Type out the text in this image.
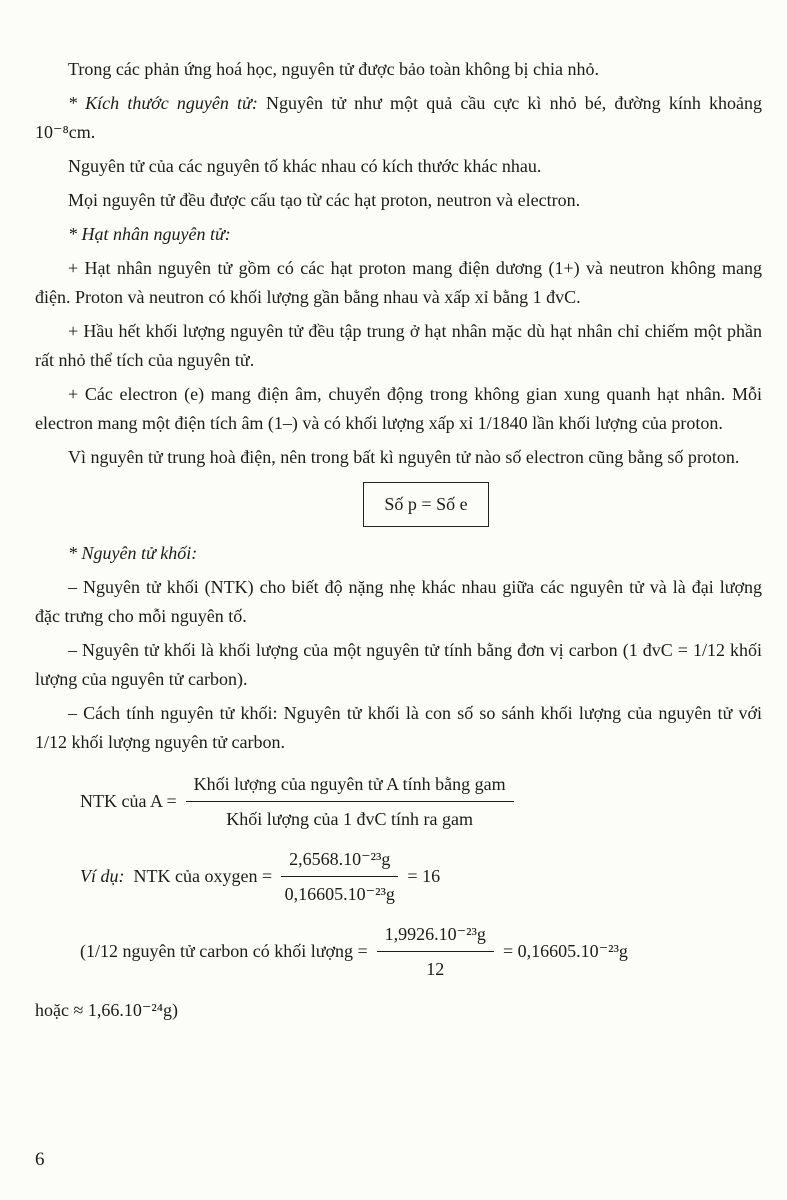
Trong các phản ứng hoá học, nguyên tử được bảo toàn không bị chia nhỏ.

* Kích thước nguyên tử: Nguyên tử như một quả cầu cực kì nhỏ bé, đường kính khoảng 10⁻⁸cm.

Nguyên tử của các nguyên tố khác nhau có kích thước khác nhau.

Mọi nguyên tử đều được cấu tạo từ các hạt proton, neutron và electron.

* Hạt nhân nguyên tử:

+ Hạt nhân nguyên tử gồm có các hạt proton mang điện dương (1+) và neutron không mang điện. Proton và neutron có khối lượng gần bằng nhau và xấp xỉ bằng 1 đvC.

+ Hầu hết khối lượng nguyên tử đều tập trung ở hạt nhân mặc dù hạt nhân chỉ chiếm một phần rất nhỏ thể tích của nguyên tử.

+ Các electron (e) mang điện âm, chuyển động trong không gian xung quanh hạt nhân. Mỗi electron mang một điện tích âm (1–) và có khối lượng xấp xỉ 1/1840 lần khối lượng của proton.

Vì nguyên tử trung hoà điện, nên trong bất kì nguyên tử nào số electron cũng bằng số proton.

Số p = Số e

* Nguyên tử khối:

– Nguyên tử khối (NTK) cho biết độ nặng nhẹ khác nhau giữa các nguyên tử và là đại lượng đặc trưng cho mỗi nguyên tố.

– Nguyên tử khối là khối lượng của một nguyên tử tính bằng đơn vị carbon (1 đvC = 1/12 khối lượng của nguyên tử carbon).

– Cách tính nguyên tử khối: Nguyên tử khối là con số so sánh khối lượng của nguyên tử với 1/12 khối lượng nguyên tử carbon.

NTK của $A = \frac{\text{Khối lượng của nguyên tử A tính bằng gam}}{\text{Khối lượng của 1 đvC tính ra gam}}$
Ví dụ: NTK của oxygen = $\frac{\text{2,6568.10⁻²³g}}{\text{0,16605.10⁻²³g}} = 16$
(1/12 nguyên tử carbon có khối lượng = $\frac{\text{1,9926.10⁻²³g}}{12} = 0,16605.10^{-23}g$

hoặc ≈ 1,66.10⁻²⁴g)

6
